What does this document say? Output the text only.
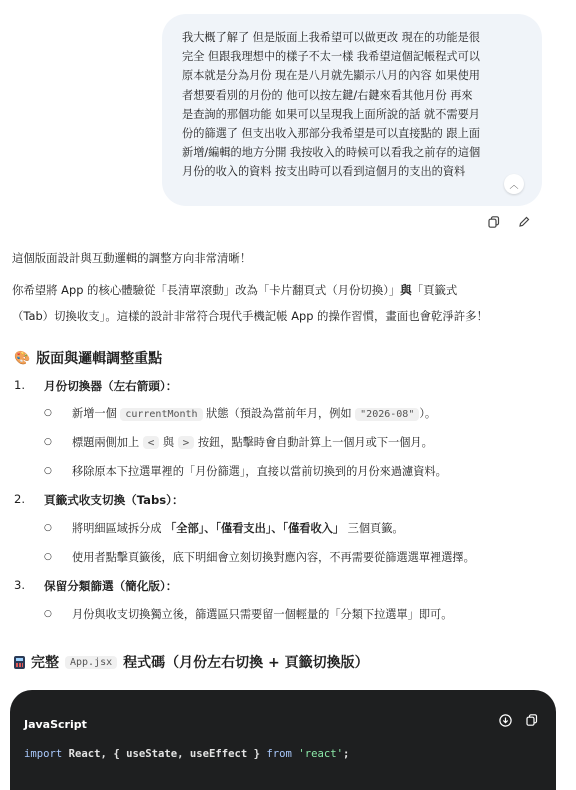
我大概了解了 但是版面上我希望可以做更改 現在的功能是很
完全 但跟我理想中的樣子不太一樣 我希望這個記帳程式可以
原本就是分為月份 現在是八月就先顯示八月的內容 如果使用
者想要看別的月份的 他可以按左鍵/右鍵來看其他月份 再來
是查詢的那個功能 如果可以呈現我上面所說的話 就不需要月
份的篩選了 但支出收入那部分我希望是可以直接點的 跟上面
新增/編輯的地方分開 我按收入的時候可以看我之前存的這個
月份的收入的資料 按支出時可以看到這個月的支出的資料
︿
這個版面設計與互動邏輯的調整方向非常清晰！
你希望將 App 的核心體驗從「長清單滾動」改為「卡片翻頁式（月份切換）」與「頁籤式
（Tab）切換收支」。這樣的設計非常符合現代手機記帳 App 的操作習慣，畫面也會乾淨許多！
🎨 版面與邏輯調整重點
1. 月份切換器（左右箭頭）：
○ 新增一個 currentMonth 狀態（預設為當前年月，例如 "2026-08" ）。
○ 標題兩側加上 < 與 > 按鈕，點擊時會自動計算上一個月或下一個月。
○ 移除原本下拉選單裡的「月份篩選」，直接以當前切換到的月份來過濾資料。
2. 頁籤式收支切換（Tabs）：
○ 將明細區域拆分成 「全部」、「僅看支出」、「僅看收入」 三個頁籤。
○ 使用者點擊頁籤後，底下明細會立刻切換對應內容，不再需要從篩選選單裡選擇。
3. 保留分類篩選（簡化版）：
○ 月份與收支切換獨立後，篩選區只需要留一個輕量的「分類下拉選單」即可。
完整	App.jsx 程式碼（月份左右切換 + 頁籤切換版）
JavaScript
import React, { useState, useEffect } from 'react';
